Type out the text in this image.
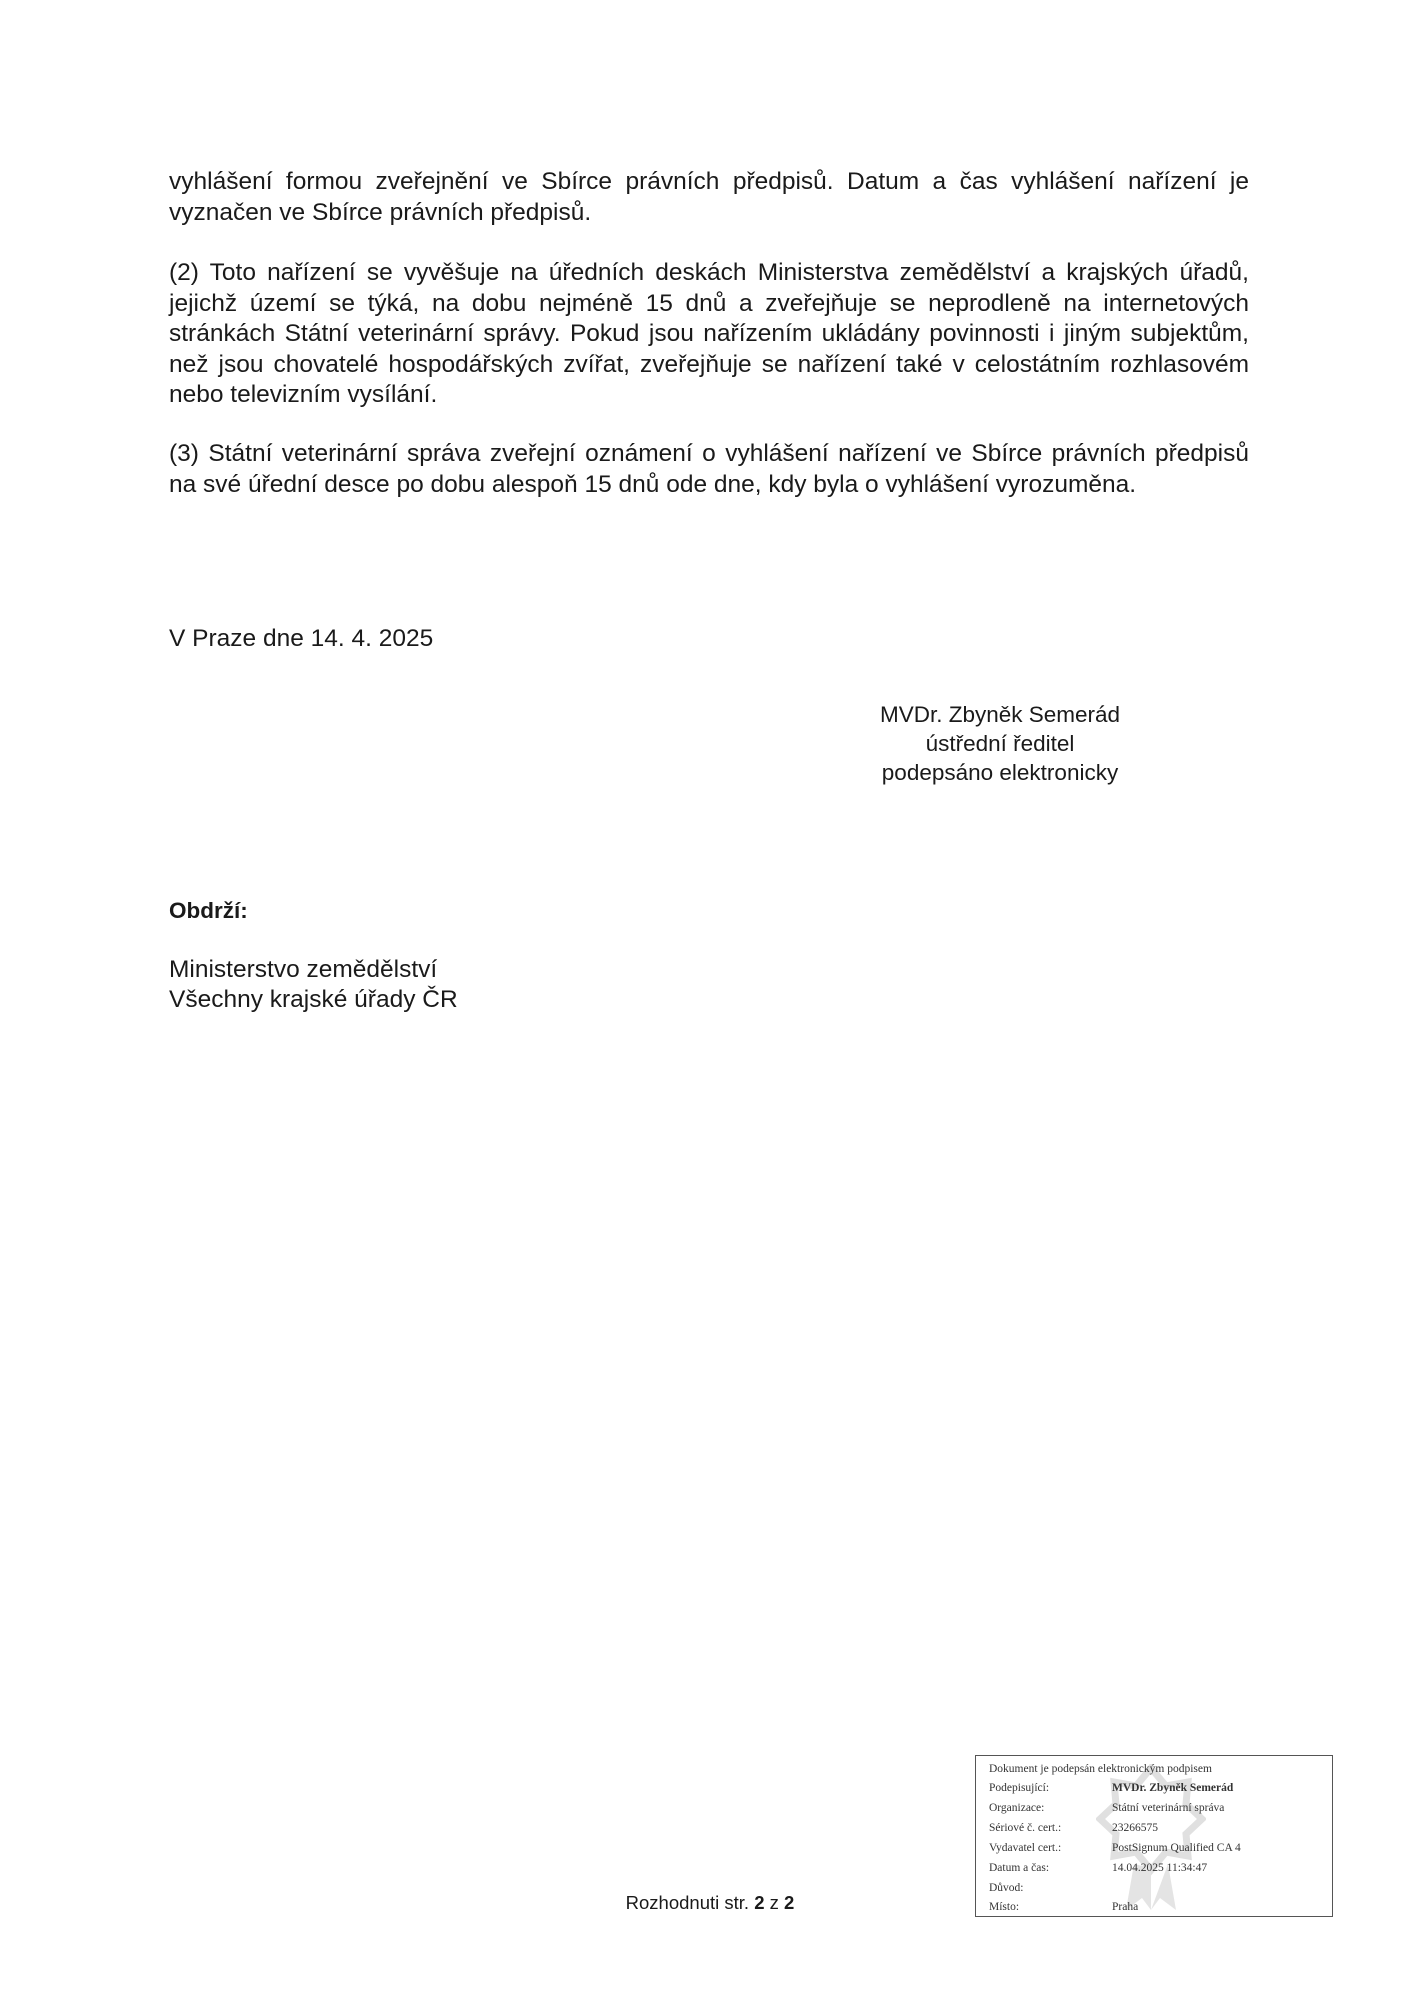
vyhlášení formou zveřejnění ve Sbírce právních předpisů. Datum a čas vyhlášení nařízení je vyznačen ve Sbírce právních předpisů.

(2) Toto nařízení se vyvěšuje na úředních deskách Ministerstva zemědělství a krajských úřadů, jejichž území se týká, na dobu nejméně 15 dnů a zveřejňuje se neprodleně na internetových stránkách Státní veterinární správy. Pokud jsou nařízením ukládány povinnosti i jiným subjektům, než jsou chovatelé hospodářských zvířat, zveřejňuje se nařízení také v celostátním rozhlasovém nebo televizním vysílání.

(3) Státní veterinární správa zveřejní oznámení o vyhlášení nařízení ve Sbírce právních předpisů na své úřední desce po dobu alespoň 15 dnů ode dne, kdy byla o vyhlášení vyrozuměna.

V Praze dne 14. 4. 2025

MVDr. Zbyněk Semerád
ústřední ředitel
podepsáno elektronicky

Obdrží:

Ministerstvo zemědělství
Všechny krajské úřady ČR
Rozhodnuti str. 2 z 2
Dokument je podepsán elektronickým podpisem
Podepisující:	MVDr. Zbyněk Semerád
Organizace:	Státní veterinární správa
Sériové č. cert.:	23266575
Vydavatel cert.:	PostSignum Qualified CA 4
Datum a čas:	14.04.2025 11:34:47
Důvod:
Místo:	Praha
